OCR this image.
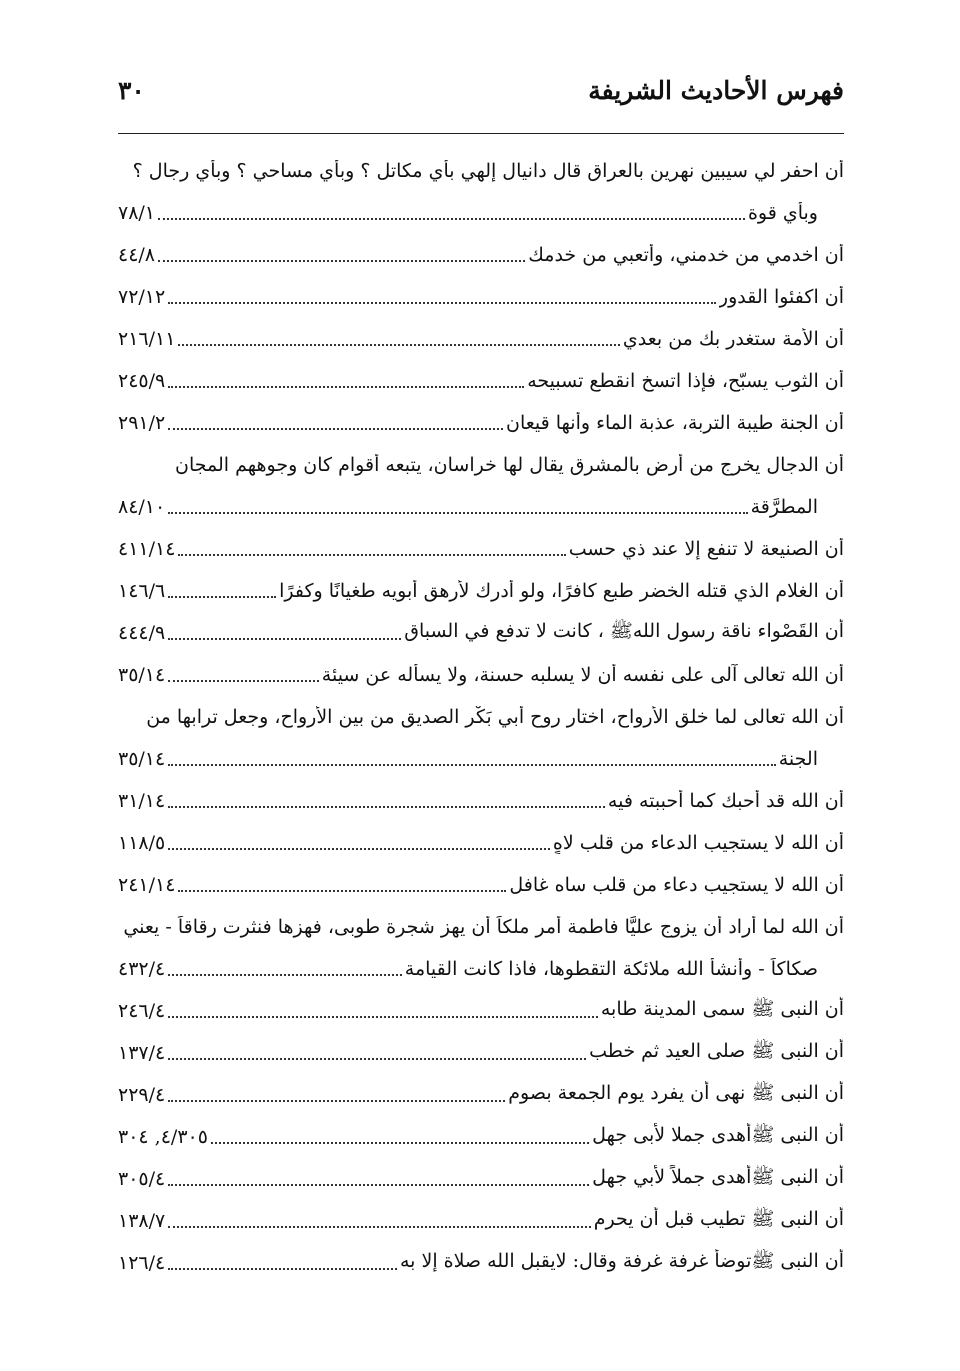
فهرس الأحاديث الشريفة
٣٠
أن احفر لي سيبين نهرين بالعراق قال دانيال إلهي بأي مكاتل ؟ وبأي مساحي ؟ وبأي رجال ؟
وبأي قوة
٧٨/١
أن اخدمي من خدمني، وأتعبي من خدمك
٤٤/٨
أن اكفئوا القدور
٧٢/١٢
أن الأمة ستغدر بك من بعدي
٢١٦/١١
أن الثوب يسبّح، فإذا اتسخ انقطع تسبيحه
٢٤٥/٩
أن الجنة طيبة التربة، عذبة الماء وأنها قيعان
٢٩١/٢
أن الدجال يخرج من أرض بالمشرق يقال لها خراسان، يتبعه أقوام كان وجوههم المجان
المطرَّقة
٨٤/١٠
أن الصنيعة لا تنفع إلا عند ذي حسب
٤١١/١٤
أن الغلام الذي قتله الخضر طبع كافرًا، ولو أدرك لأرهق أبويه طغيانًا وكفرًا
١٤٦/٦
أن القَصْواء ناقة رسول اللهﷺ ، كانت لا تدفع في السباق
٤٤٤/٩
أن الله تعالى آلى على نفسه أن لا يسلبه حسنة، ولا يسأله عن سيئة
٣٥/١٤
أن الله تعالى لما خلق الأرواح، اختار روح أبي بَكْر الصديق من بين الأرواح، وجعل ترابها من
الجنة
٣٥/١٤
أن الله قد أحبك كما أحببته فيه
٣١/١٤
أن الله لا يستجيب الدعاء من قلب لاهٍ
١١٨/٥
أن الله لا يستجيب دعاء من قلب ساه غافل
٢٤١/١٤
أن الله لما أراد أن يزوج عليًّا فاطمة أمر ملكاً أن يهز شجرة طوبى، فهزها فنثرت رقاقاً - يعني
صكاكاً - وأنشأ الله ملائكة التقطوها، فاذا كانت القيامة
٤٣٢/٤
أن النبى ﷺ سمى المدينة طابه
٢٤٦/٤
أن النبى ﷺ صلى العيد ثم خطب
١٣٧/٤
أن النبى ﷺ نهى أن يفرد يوم الجمعة بصوم
٢٢٩/٤
أن النبى ﷺأهدى جملا لأبى جهل
٤/٣٠٥, ٣٠٤
أن النبى ﷺأهدى جملاً لأبي جهل
٣٠٥/٤
أن النبى ﷺ تطيب قبل أن يحرم
١٣٨/٧
أن النبى ﷺتوضأ غرفة غرفة وقال: لايقبل الله صلاة إلا به
١٢٦/٤
